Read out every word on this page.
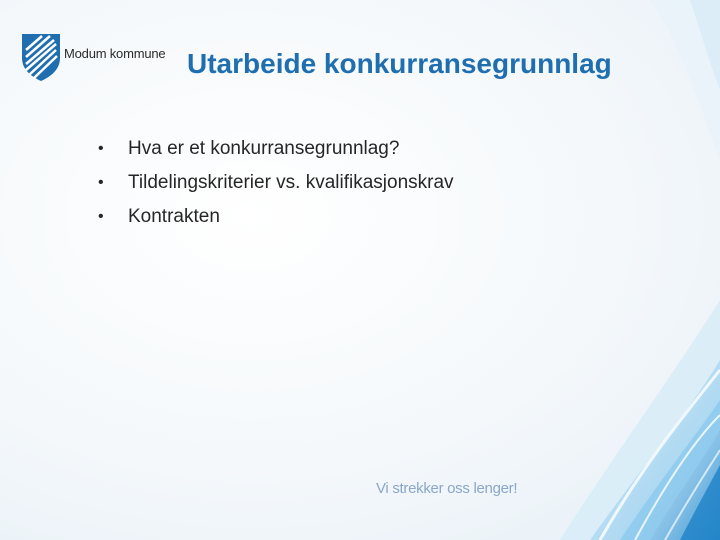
Modum kommune Utarbeide konkurransegrunnlag
•	Hva er et konkurransegrunnlag?
•	Tildelingskriterier vs. kvalifikasjonskrav
•	Kontrakten
Vi strekker oss lenger!
